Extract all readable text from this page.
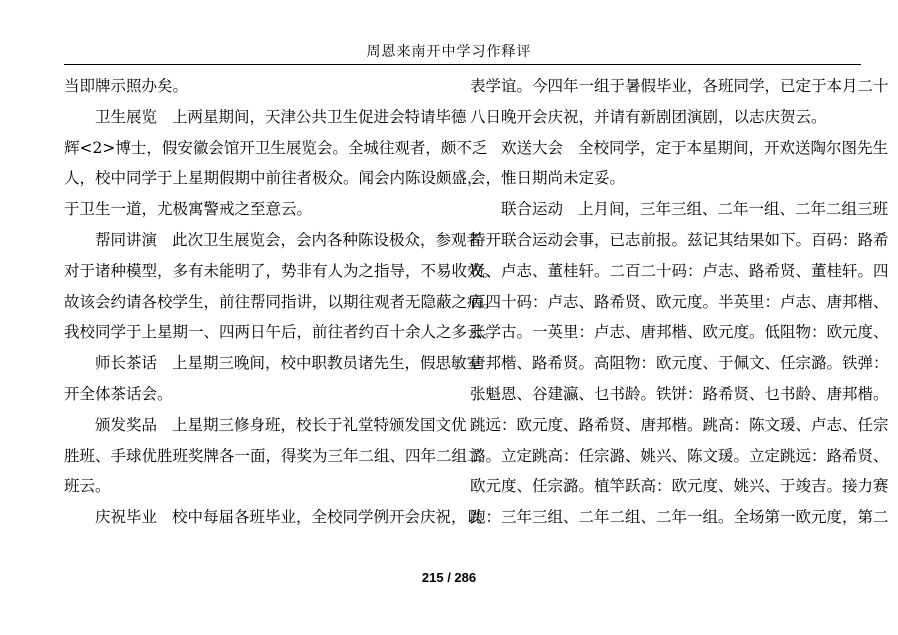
周恩来南开中学习作释评
当即牌示照办矣。
卫生展览 上两星期间，天津公共卫生促进会特请毕德
辉<2>博士，假安徽会馆开卫生展览会。全城往观者，颇不乏
人，校中同学于上星期假期中前往者极众。闻会内陈设颇盛，
于卫生一道，尤极寓警戒之至意云。
帮同讲演 此次卫生展览会，会内各种陈设极众，参观者
对于诸种模型，多有未能明了，势非有人为之指导，不易收效。
故该会约请各校学生，前往帮同指讲，以期往观者无隐蔽之病。
我校同学于上星期一、四两日午后，前往者约百十余人之多云。
师长茶话 上星期三晚间，校中职教员诸先生，假思敏室
开全体茶话会。
颁发奖品 上星期三修身班，校长于礼堂特颁发国文优
胜班、手球优胜班奖牌各一面，得奖为三年二组、四年二组二
班云。
庆祝毕业 校中每届各班毕业，全校同学例开会庆祝，以
表学谊。今四年一组于暑假毕业，各班同学，已定于本月二十
八日晚开会庆祝，并请有新剧团演剧，以志庆贺云。
欢送大会 全校同学，定于本星期间，开欢送陶尔图先生
会，惟日期尚未定妥。
联合运动 上月间，三年三组、二年一组、二年二组三班
特开联合运动会事，已志前报。兹记其结果如下。百码：路希
贤、卢志、董桂轩。二百二十码：卢志、路希贤、董桂轩。四
百四十码：卢志、路希贤、欧元度。半英里：卢志、唐邦楷、
张学古。一英里：卢志、唐邦楷、欧元度。低阻物：欧元度、
唐邦楷、路希贤。高阻物：欧元度、于佩文、任宗潞。铁弹：
张魁恩、谷建瀛、乜书龄。铁饼：路希贤、乜书龄、唐邦楷。
跳远：欧元度、路希贤、唐邦楷。跳高：陈文瑗、卢志、任宗
潞。立定跳高：任宗潞、姚兴、陈文瑗。立定跳远：路希贤、
欧元度、任宗潞。植竿跃高：欧元度、姚兴、于竣吉。接力赛
跑：三年三组、二年二组、二年一组。全场第一欧元度，第二
215 / 286
